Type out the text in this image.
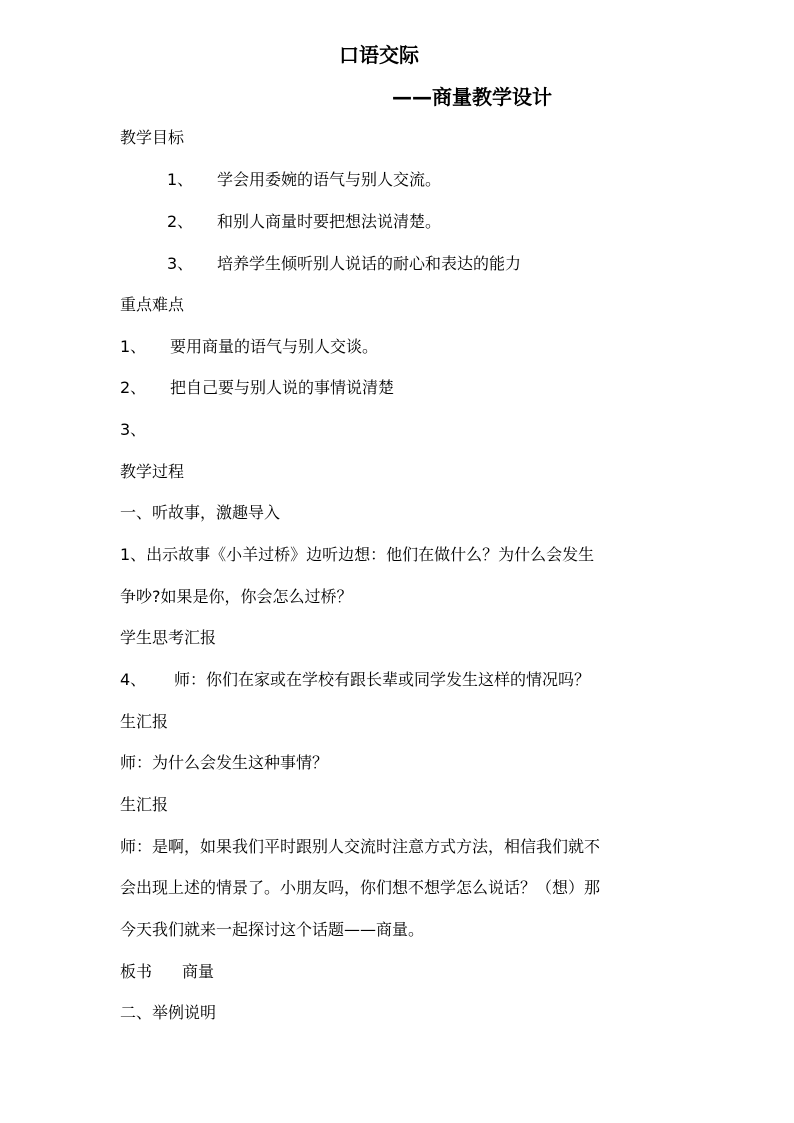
口语交际
——商量教学设计
教学目标
1、 学会用委婉的语气与别人交流。
2、 和别人商量时要把想法说清楚。
3、 培养学生倾听别人说话的耐心和表达的能力
重点难点
1、 要用商量的语气与别人交谈。
2、 把自己要与别人说的事情说清楚
3、
教学过程
一、听故事，激趣导入
1、出示故事《小羊过桥》边听边想：他们在做什么？为什么会发生
争吵?如果是你，你会怎么过桥？
学生思考汇报
4、 师：你们在家或在学校有跟长辈或同学发生这样的情况吗？
生汇报
师：为什么会发生这种事情？
生汇报
师：是啊，如果我们平时跟别人交流时注意方式方法，相信我们就不
会出现上述的情景了。小朋友吗，你们想不想学怎么说话？（想）那
今天我们就来一起探讨这个话题——商量。
板书 商量
二、举例说明
